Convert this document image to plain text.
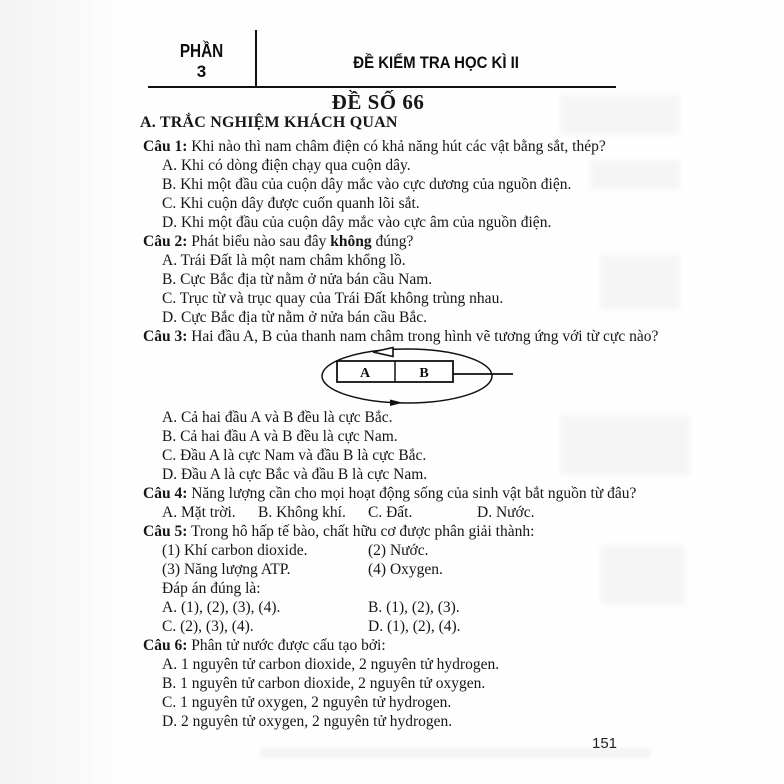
PHẦN
3	ĐỀ KIỂM TRA HỌC KÌ II
ĐỀ SỐ 66
A. TRẮC NGHIỆM KHÁCH QUAN
Câu 1: Khi nào thì nam châm điện có khả năng hút các vật bằng sắt, thép?
A. Khi có dòng điện chạy qua cuộn dây.
B. Khi một đầu của cuộn dây mắc vào cực dương của nguồn điện.
C. Khi cuộn dây được cuốn quanh lõi sắt.
D. Khi một đầu của cuộn dây mắc vào cực âm của nguồn điện.
Câu 2: Phát biểu nào sau đây không đúng?
A. Trái Đất là một nam châm khổng lồ.
B. Cực Bắc địa từ nằm ở nửa bán cầu Nam.
C. Trục từ và trục quay của Trái Đất không trùng nhau.
D. Cực Bắc địa từ nằm ở nửa bán cầu Bắc.
Câu 3: Hai đầu A, B của thanh nam châm trong hình vẽ tương ứng với từ cực nào?
A	B
A. Cả hai đầu A và B đều là cực Bắc.
B. Cả hai đầu A và B đều là cực Nam.
C. Đầu A là cực Nam và đầu B là cực Bắc.
D. Đầu A là cực Bắc và đầu B là cực Nam.
Câu 4: Năng lượng cần cho mọi hoạt động sống của sinh vật bắt nguồn từ đâu?
A. Mặt trời. B. Không khí. C. Đất.	D. Nước.
Câu 5: Trong hô hấp tế bào, chất hữu cơ được phân giải thành:
(1) Khí carbon dioxide.	(2) Nước.
(3) Năng lượng ATP.	(4) Oxygen.
Đáp án đúng là:
A. (1), (2), (3), (4).	B. (1), (2), (3).
C. (2), (3), (4).	D. (1), (2), (4).
Câu 6: Phân tử nước được cấu tạo bởi:
A. 1 nguyên tử carbon dioxide, 2 nguyên tử hydrogen.
B. 1 nguyên tử carbon dioxide, 2 nguyên tử oxygen.
C. 1 nguyên tử oxygen, 2 nguyên tử hydrogen.
D. 2 nguyên tử oxygen, 2 nguyên tử hydrogen.
151
